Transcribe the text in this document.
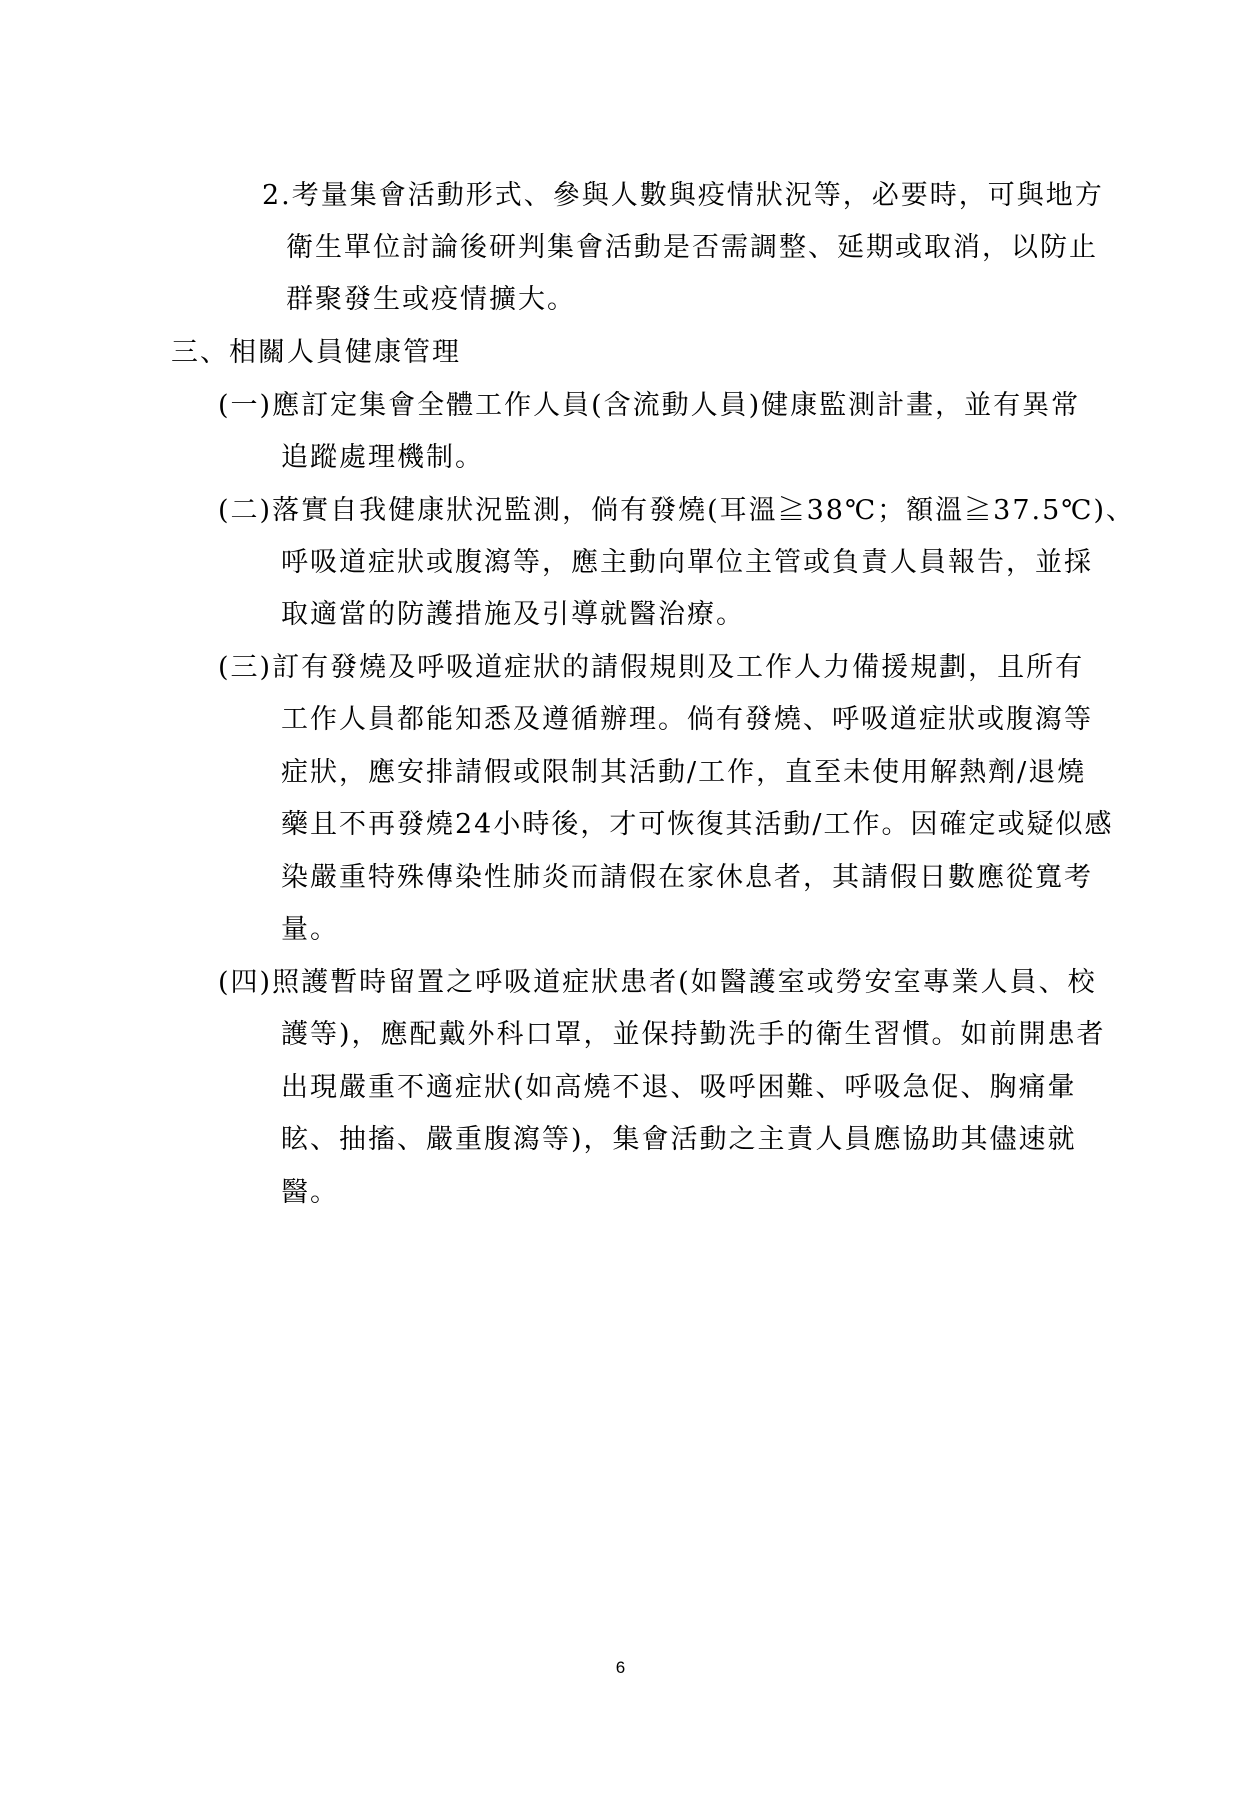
2.考量集會活動形式、參與人數與疫情狀況等，必要時，可與地方
衛生單位討論後研判集會活動是否需調整、延期或取消，以防止
群聚發生或疫情擴大。
三、相關人員健康管理
(一)應訂定集會全體工作人員(含流動人員)健康監測計畫，並有異常
追蹤處理機制。
(二)落實自我健康狀況監測，倘有發燒(耳溫≧38℃；額溫≧37.5℃)、
呼吸道症狀或腹瀉等，應主動向單位主管或負責人員報告，並採
取適當的防護措施及引導就醫治療。
(三)訂有發燒及呼吸道症狀的請假規則及工作人力備援規劃，且所有
工作人員都能知悉及遵循辦理。倘有發燒、呼吸道症狀或腹瀉等
症狀，應安排請假或限制其活動/工作，直至未使用解熱劑/退燒
藥且不再發燒24小時後，才可恢復其活動/工作。因確定或疑似感
染嚴重特殊傳染性肺炎而請假在家休息者，其請假日數應從寬考
量。
(四)照護暫時留置之呼吸道症狀患者(如醫護室或勞安室專業人員、校
護等)，應配戴外科口罩，並保持勤洗手的衛生習慣。如前開患者
出現嚴重不適症狀(如高燒不退、吸呼困難、呼吸急促、胸痛暈
眩、抽搐、嚴重腹瀉等)，集會活動之主責人員應協助其儘速就
醫。
6
